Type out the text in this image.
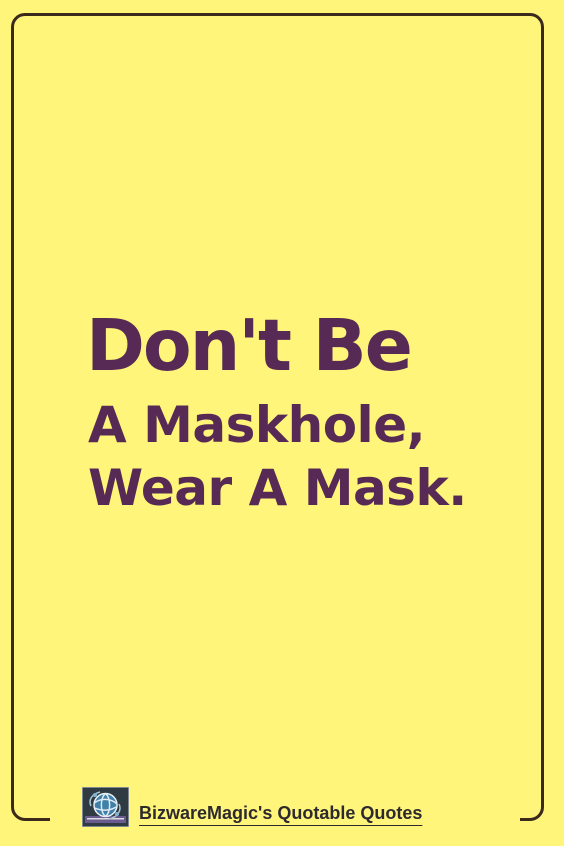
Don't Be
A Maskhole,
Wear A Mask.
BizwareMagic's Quotable Quotes
